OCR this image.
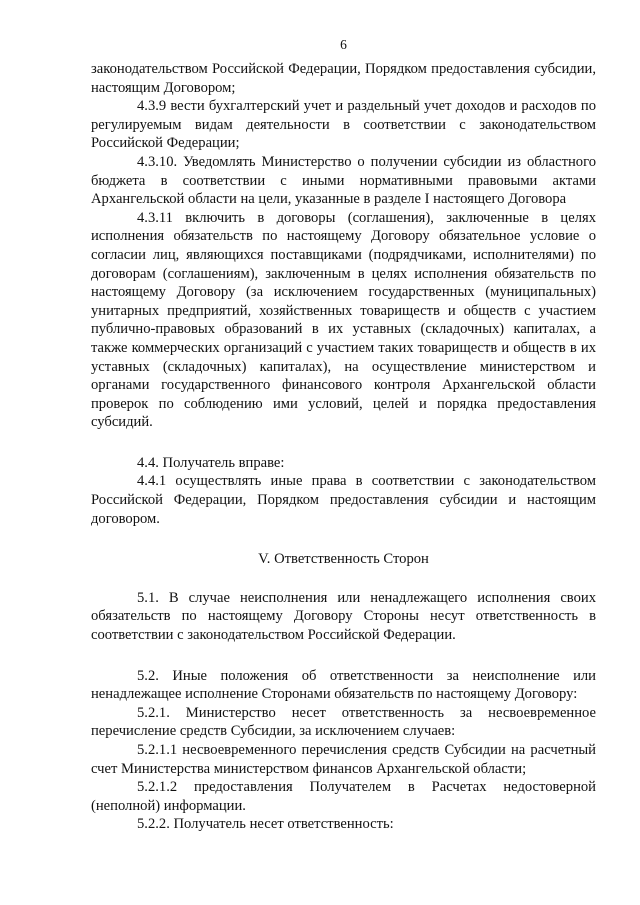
6

законодательством Российской Федерации, Порядком предоставления субсидии, настоящим Договором;

4.3.9 вести бухгалтерский учет и раздельный учет доходов и расходов по регулируемым видам деятельности в соответствии с законодательством Российской Федерации;

4.3.10. Уведомлять Министерство о получении субсидии из областного бюджета в соответствии с иными нормативными правовыми актами Архангельской области на цели, указанные в разделе I настоящего Договора

4.3.11 включить в договоры (соглашения), заключенные в целях исполнения обязательств по настоящему Договору обязательное условие о согласии лиц, являющихся поставщиками (подрядчиками, исполнителями) по договорам (соглашениям), заключенным в целях исполнения обязательств по настоящему Договору (за исключением государственных (муниципальных) унитарных предприятий, хозяйственных товариществ и обществ с участием публично-правовых образований в их уставных (складочных) капиталах, а также коммерческих организаций с участием таких товариществ и обществ в их уставных (складочных) капиталах), на осуществление министерством и органами государственного финансового контроля Архангельской области проверок по соблюдению ими условий, целей и порядка предоставления субсидий.

4.4. Получатель вправе:

4.4.1 осуществлять иные права в соответствии с законодательством Российской Федерации, Порядком предоставления субсидии и настоящим договором.

V. Ответственность Сторон

5.1. В случае неисполнения или ненадлежащего исполнения своих обязательств по настоящему Договору Стороны несут ответственность в соответствии с законодательством Российской Федерации.

5.2. Иные положения об ответственности за неисполнение или ненадлежащее исполнение Сторонами обязательств по настоящему Договору:

5.2.1. Министерство несет ответственность за несвоевременное перечисление средств Субсидии, за исключением случаев:

5.2.1.1 несвоевременного перечисления средств Субсидии на расчетный счет Министерства министерством финансов Архангельской области;

5.2.1.2 предоставления Получателем в Расчетах недостоверной (неполной) информации.

5.2.2. Получатель несет ответственность:
